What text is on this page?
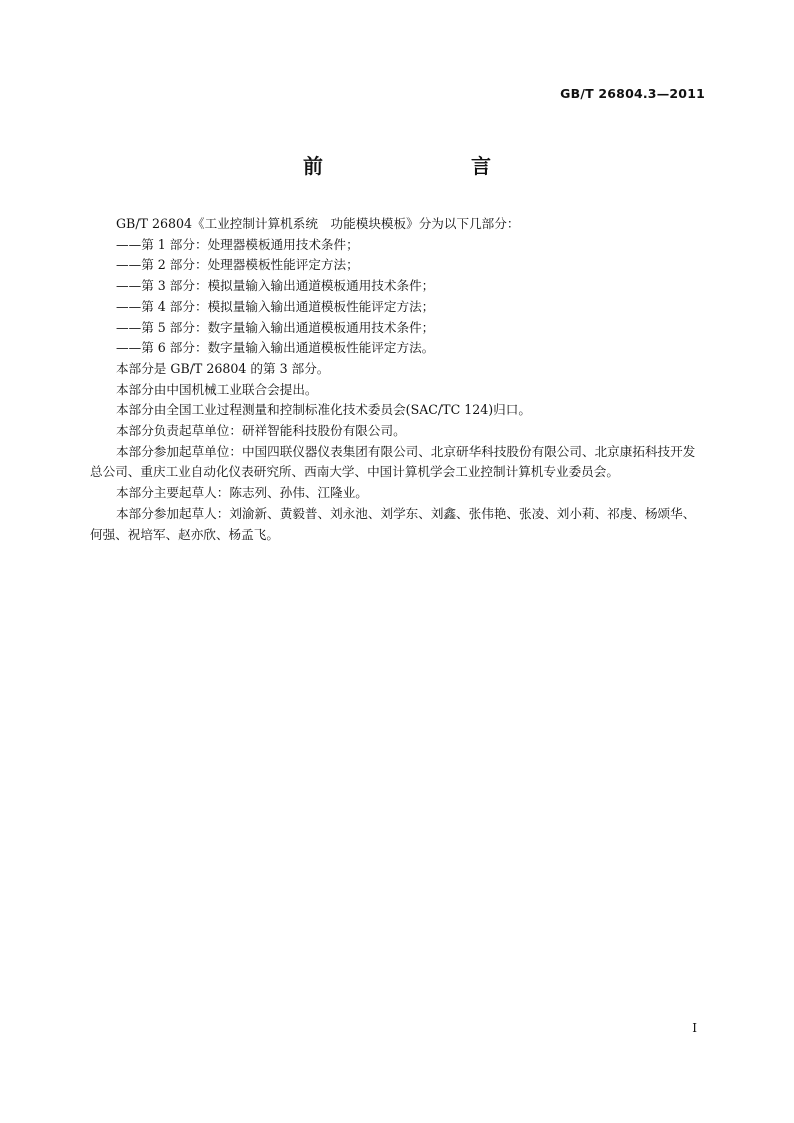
GB/T 26804.3—2011
前　　言

GB/T 26804《工业控制计算机系统　功能模块模板》分为以下几部分：

——第 1 部分：处理器模板通用技术条件；

——第 2 部分：处理器模板性能评定方法；

——第 3 部分：模拟量输入输出通道模板通用技术条件；

——第 4 部分：模拟量输入输出通道模板性能评定方法；

——第 5 部分：数字量输入输出通道模板通用技术条件；

——第 6 部分：数字量输入输出通道模板性能评定方法。

本部分是 GB/T 26804 的第 3 部分。

本部分由中国机械工业联合会提出。

本部分由全国工业过程测量和控制标准化技术委员会(SAC/TC 124)归口。

本部分负责起草单位：研祥智能科技股份有限公司。

本部分参加起草单位：中国四联仪器仪表集团有限公司、北京研华科技股份有限公司、北京康拓科技开发总公司、重庆工业自动化仪表研究所、西南大学、中国计算机学会工业控制计算机专业委员会。

本部分主要起草人：陈志列、孙伟、江隆业。

本部分参加起草人：刘渝新、黄毅普、刘永池、刘学东、刘鑫、张伟艳、张凌、刘小莉、祁虔、杨颂华、何强、祝培军、赵亦欣、杨孟飞。

I
